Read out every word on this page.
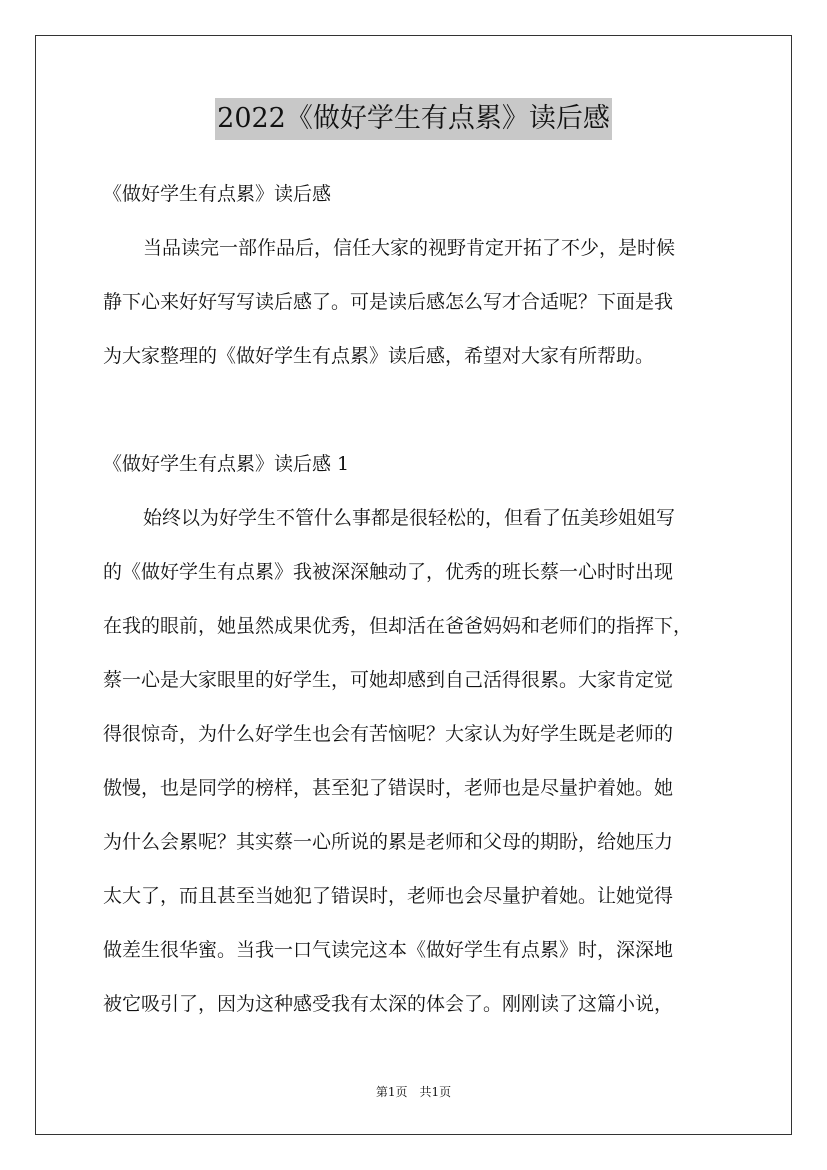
2022《做好学生有点累》读后感
《做好学生有点累》读后感
当品读完一部作品后，信任大家的视野肯定开拓了不少，是时候
静下心来好好写写读后感了。可是读后感怎么写才合适呢？下面是我
为大家整理的《做好学生有点累》读后感，希望对大家有所帮助。
《做好学生有点累》读后感 1
始终以为好学生不管什么事都是很轻松的，但看了伍美珍姐姐写
的《做好学生有点累》我被深深触动了，优秀的班长蔡一心时时出现
在我的眼前，她虽然成果优秀，但却活在爸爸妈妈和老师们的指挥下，
蔡一心是大家眼里的好学生，可她却感到自己活得很累。大家肯定觉
得很惊奇，为什么好学生也会有苦恼呢？大家认为好学生既是老师的
傲慢，也是同学的榜样，甚至犯了错误时，老师也是尽量护着她。她
为什么会累呢？其实蔡一心所说的累是老师和父母的期盼，给她压力
太大了，而且甚至当她犯了错误时，老师也会尽量护着她。让她觉得
做差生很华蜜。当我一口气读完这本《做好学生有点累》时，深深地
被它吸引了，因为这种感受我有太深的体会了。刚刚读了这篇小说，
第1页 共1页
